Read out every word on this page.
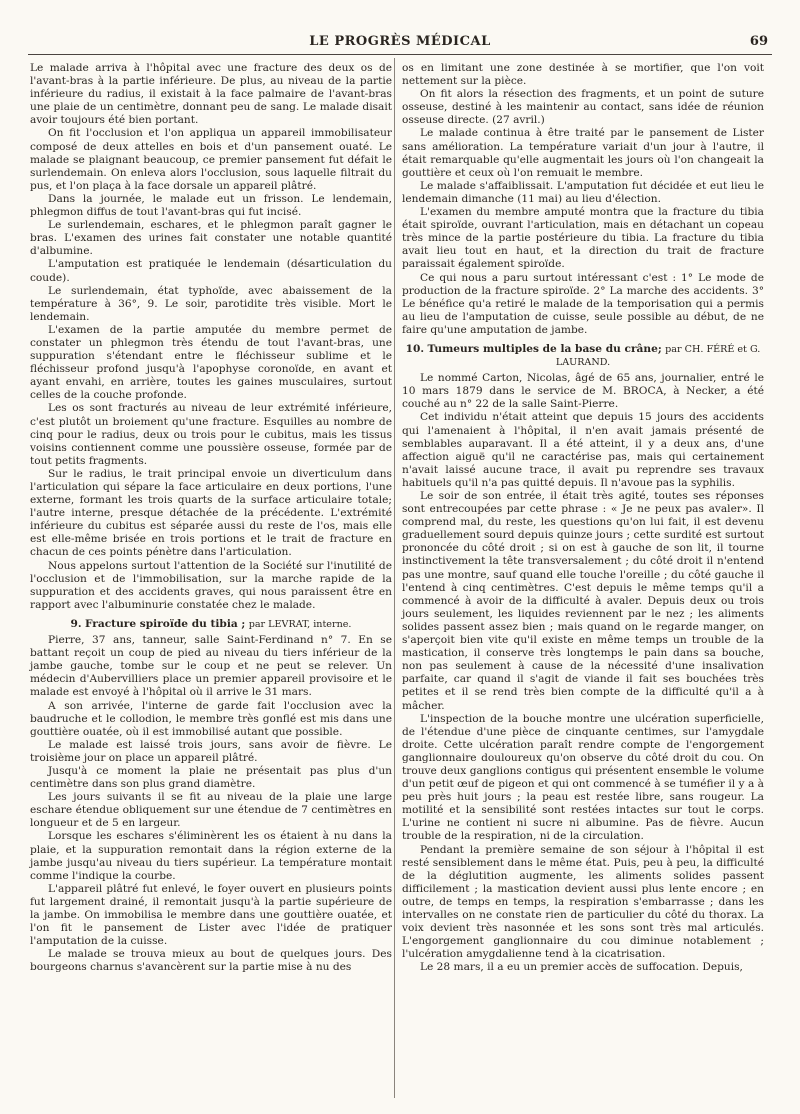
LE PROGRÈS MÉDICAL	69

Le malade arriva à l'hôpital avec une fracture des deux os de l'avant-bras à la partie inférieure. De plus, au niveau de la partie inférieure du radius, il existait à la face palmaire de l'avant-bras une plaie de un centimètre, donnant peu de sang. Le malade disait avoir toujours été bien portant.

On fit l'occlusion et l'on appliqua un appareil immobilisateur composé de deux attelles en bois et d'un pansement ouaté. Le malade se plaignant beaucoup, ce premier pansement fut défait le surlendemain. On enleva alors l'occlusion, sous laquelle filtrait du pus, et l'on plaça à la face dorsale un appareil plâtré.

Dans la journée, le malade eut un frisson. Le lendemain, phlegmon diffus de tout l'avant-bras qui fut incisé.

Le surlendemain, eschares, et le phlegmon paraît gagner le bras. L'examen des urines fait constater une notable quantité d'albumine.

L'amputation est pratiquée le lendemain (désarticulation du coude).

Le surlendemain, état typhoïde, avec abaissement de la température à 36°, 9. Le soir, parotidite très visible. Mort le lendemain.

L'examen de la partie amputée du membre permet de constater un phlegmon très étendu de tout l'avant-bras, une suppuration s'étendant entre le fléchisseur sublime et le fléchisseur profond jusqu'à l'apophyse coronoïde, en avant et ayant envahi, en arrière, toutes les gaines musculaires, surtout celles de la couche profonde.

Les os sont fracturés au niveau de leur extrémité inférieure, c'est plutôt un broiement qu'une fracture. Esquilles au nombre de cinq pour le radius, deux ou trois pour le cubitus, mais les tissus voisins contiennent comme une poussière osseuse, formée par de tout petits fragments.

Sur le radius, le trait principal envoie un diverticulum dans l'articulation qui sépare la face articulaire en deux portions, l'une externe, formant les trois quarts de la surface articulaire totale; l'autre interne, presque détachée de la précédente. L'extrémité inférieure du cubitus est séparée aussi du reste de l'os, mais elle est elle-même brisée en trois portions et le trait de fracture en chacun de ces points pénètre dans l'articulation.

Nous appelons surtout l'attention de la Société sur l'inutilité de l'occlusion et de l'immobilisation, sur la marche rapide de la suppuration et des accidents graves, qui nous paraissent être en rapport avec l'albuminurie constatée chez le malade.

9. Fracture spiroïde du tibia ; par LEVRAT, interne.

Pierre, 37 ans, tanneur, salle Saint-Ferdinand n° 7. En se battant reçoit un coup de pied au niveau du tiers inférieur de la jambe gauche, tombe sur le coup et ne peut se relever. Un médecin d'Aubervilliers place un premier appareil provisoire et le malade est envoyé à l'hôpital où il arrive le 31 mars.

A son arrivée, l'interne de garde fait l'occlusion avec la baudruche et le collodion, le membre très gonflé est mis dans une gouttière ouatée, où il est immobilisé autant que possible.

Le malade est laissé trois jours, sans avoir de fièvre. Le troisième jour on place un appareil plâtré.

Jusqu'à ce moment la plaie ne présentait pas plus d'un centimètre dans son plus grand diamètre.

Les jours suivants il se fit au niveau de la plaie une large eschare étendue obliquement sur une étendue de 7 centimètres en longueur et de 5 en largeur.

Lorsque les eschares s'éliminèrent les os étaient à nu dans la plaie, et la suppuration remontait dans la région externe de la jambe jusqu'au niveau du tiers supérieur. La température montait comme l'indique la courbe.

L'appareil plâtré fut enlevé, le foyer ouvert en plusieurs points fut largement drainé, il remontait jusqu'à la partie supérieure de la jambe. On immobilisa le membre dans une gouttière ouatée, et l'on fit le pansement de Lister avec l'idée de pratiquer l'amputation de la cuisse.

Le malade se trouva mieux au bout de quelques jours. Des bourgeons charnus s'avancèrent sur la partie mise à nu des

os en limitant une zone destinée à se mortifier, que l'on voit nettement sur la pièce.

On fit alors la résection des fragments, et un point de suture osseuse, destiné à les maintenir au contact, sans idée de réunion osseuse directe. (27 avril.)

Le malade continua à être traité par le pansement de Lister sans amélioration. La température variait d'un jour à l'autre, il était remarquable qu'elle augmentait les jours où l'on changeait la gouttière et ceux où l'on remuait le membre.

Le malade s'affaiblissait. L'amputation fut décidée et eut lieu le lendemain dimanche (11 mai) au lieu d'élection.

L'examen du membre amputé montra que la fracture du tibia était spiroïde, ouvrant l'articulation, mais en détachant un copeau très mince de la partie postérieure du tibia. La fracture du tibia avait lieu tout en haut, et la direction du trait de fracture paraissait également spiroïde.

Ce qui nous a paru surtout intéressant c'est : 1° Le mode de production de la fracture spiroïde. 2° La marche des accidents. 3° Le bénéfice qu'a retiré le malade de la temporisation qui a permis au lieu de l'amputation de cuisse, seule possible au début, de ne faire qu'une amputation de jambe.

10. Tumeurs multiples de la base du crâne; par CH. FÉRÉ et G. LAURAND.

Le nommé Carton, Nicolas, âgé de 65 ans, journalier, entré le 10 mars 1879 dans le service de M. BROCA, à Necker, a été couché au n° 22 de la salle Saint-Pierre.

Cet individu n'était atteint que depuis 15 jours des accidents qui l'amenaient à l'hôpital, il n'en avait jamais présenté de semblables auparavant. Il a été atteint, il y a deux ans, d'une affection aiguë qu'il ne caractérise pas, mais qui certainement n'avait laissé aucune trace, il avait pu reprendre ses travaux habituels qu'il n'a pas quitté depuis. Il n'avoue pas la syphilis.

Le soir de son entrée, il était très agité, toutes ses réponses sont entrecoupées par cette phrase : « Je ne peux pas avaler». Il comprend mal, du reste, les questions qu'on lui fait, il est devenu graduellement sourd depuis quinze jours ; cette surdité est surtout prononcée du côté droit ; si on est à gauche de son lit, il tourne instinctivement la tête transversalement ; du côté droit il n'entend pas une montre, sauf quand elle touche l'oreille ; du côté gauche il l'entend à cinq centimètres. C'est depuis le même temps qu'il a commencé à avoir de la difficulté à avaler. Depuis deux ou trois jours seulement, les liquides reviennent par le nez ; les aliments solides passent assez bien ; mais quand on le regarde manger, on s'aperçoit bien vite qu'il existe en même temps un trouble de la mastication, il conserve très longtemps le pain dans sa bouche, non pas seulement à cause de la nécessité d'une insalivation parfaite, car quand il s'agit de viande il fait ses bouchées très petites et il se rend très bien compte de la difficulté qu'il a à mâcher.

L'inspection de la bouche montre une ulcération superficielle, de l'étendue d'une pièce de cinquante centimes, sur l'amygdale droite. Cette ulcération paraît rendre compte de l'engorgement ganglionnaire douloureux qu'on observe du côté droit du cou. On trouve deux ganglions contigus qui présentent ensemble le volume d'un petit œuf de pigeon et qui ont commencé à se tuméfier il y a à peu près huit jours ; la peau est restée libre, sans rougeur. La motilité et la sensibilité sont restées intactes sur tout le corps. L'urine ne contient ni sucre ni albumine. Pas de fièvre. Aucun trouble de la respiration, ni de la circulation.

Pendant la première semaine de son séjour à l'hôpital il est resté sensiblement dans le même état. Puis, peu à peu, la difficulté de la déglutition augmente, les aliments solides passent difficilement ; la mastication devient aussi plus lente encore ; en outre, de temps en temps, la respiration s'embarrasse ; dans les intervalles on ne constate rien de particulier du côté du thorax. La voix devient très nasonnée et les sons sont très mal articulés. L'engorgement ganglionnaire du cou diminue notablement ; l'ulcération amygdalienne tend à la cicatrisation.

Le 28 mars, il a eu un premier accès de suffocation. Depuis,
